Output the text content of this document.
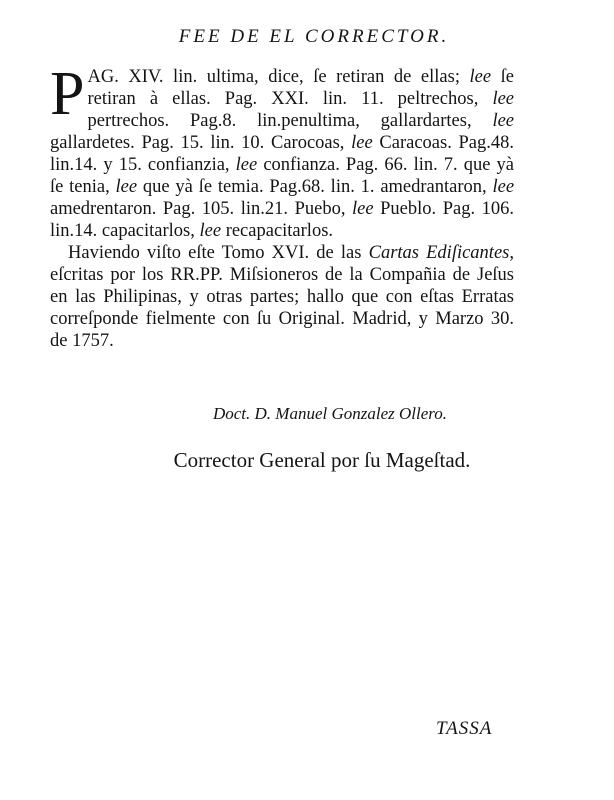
FEE DE EL CORRECTOR.

P AG. XIV. lin. ultima, dice, ſe retiran de ellas; lee ſe retiran à ellas. Pag. XXI. lin. 11. peltrechos, lee pertrechos. Pag.8. lin.penultima, gallardartes, lee gallardetes. Pag. 15. lin. 10. Carocoas, lee Caracoas. Pag.48. lin.14. y 15. confianzia, lee confianza. Pag. 66. lin. 7. que yà ſe tenia, lee que yà ſe temia. Pag.68. lin. 1. amedrantaron, lee amedrentaron. Pag. 105. lin.21. Puebo, lee Pueblo. Pag. 106. lin.14. capacitarlos, lee recapacitarlos.

Haviendo viſto eſte Tomo XVI. de las Cartas Ediſicantes, eſcritas por los RR.PP. Miſsioneros de la Compañia de Jeſus en las Philipinas, y otras partes; hallo que con eſtas Erratas correſponde fielmente con ſu Original. Madrid, y Marzo 30. de 1757.

Doct. D. Manuel Gonzalez Ollero.
Corrector General por ſu Mageſtad.
TASSA
